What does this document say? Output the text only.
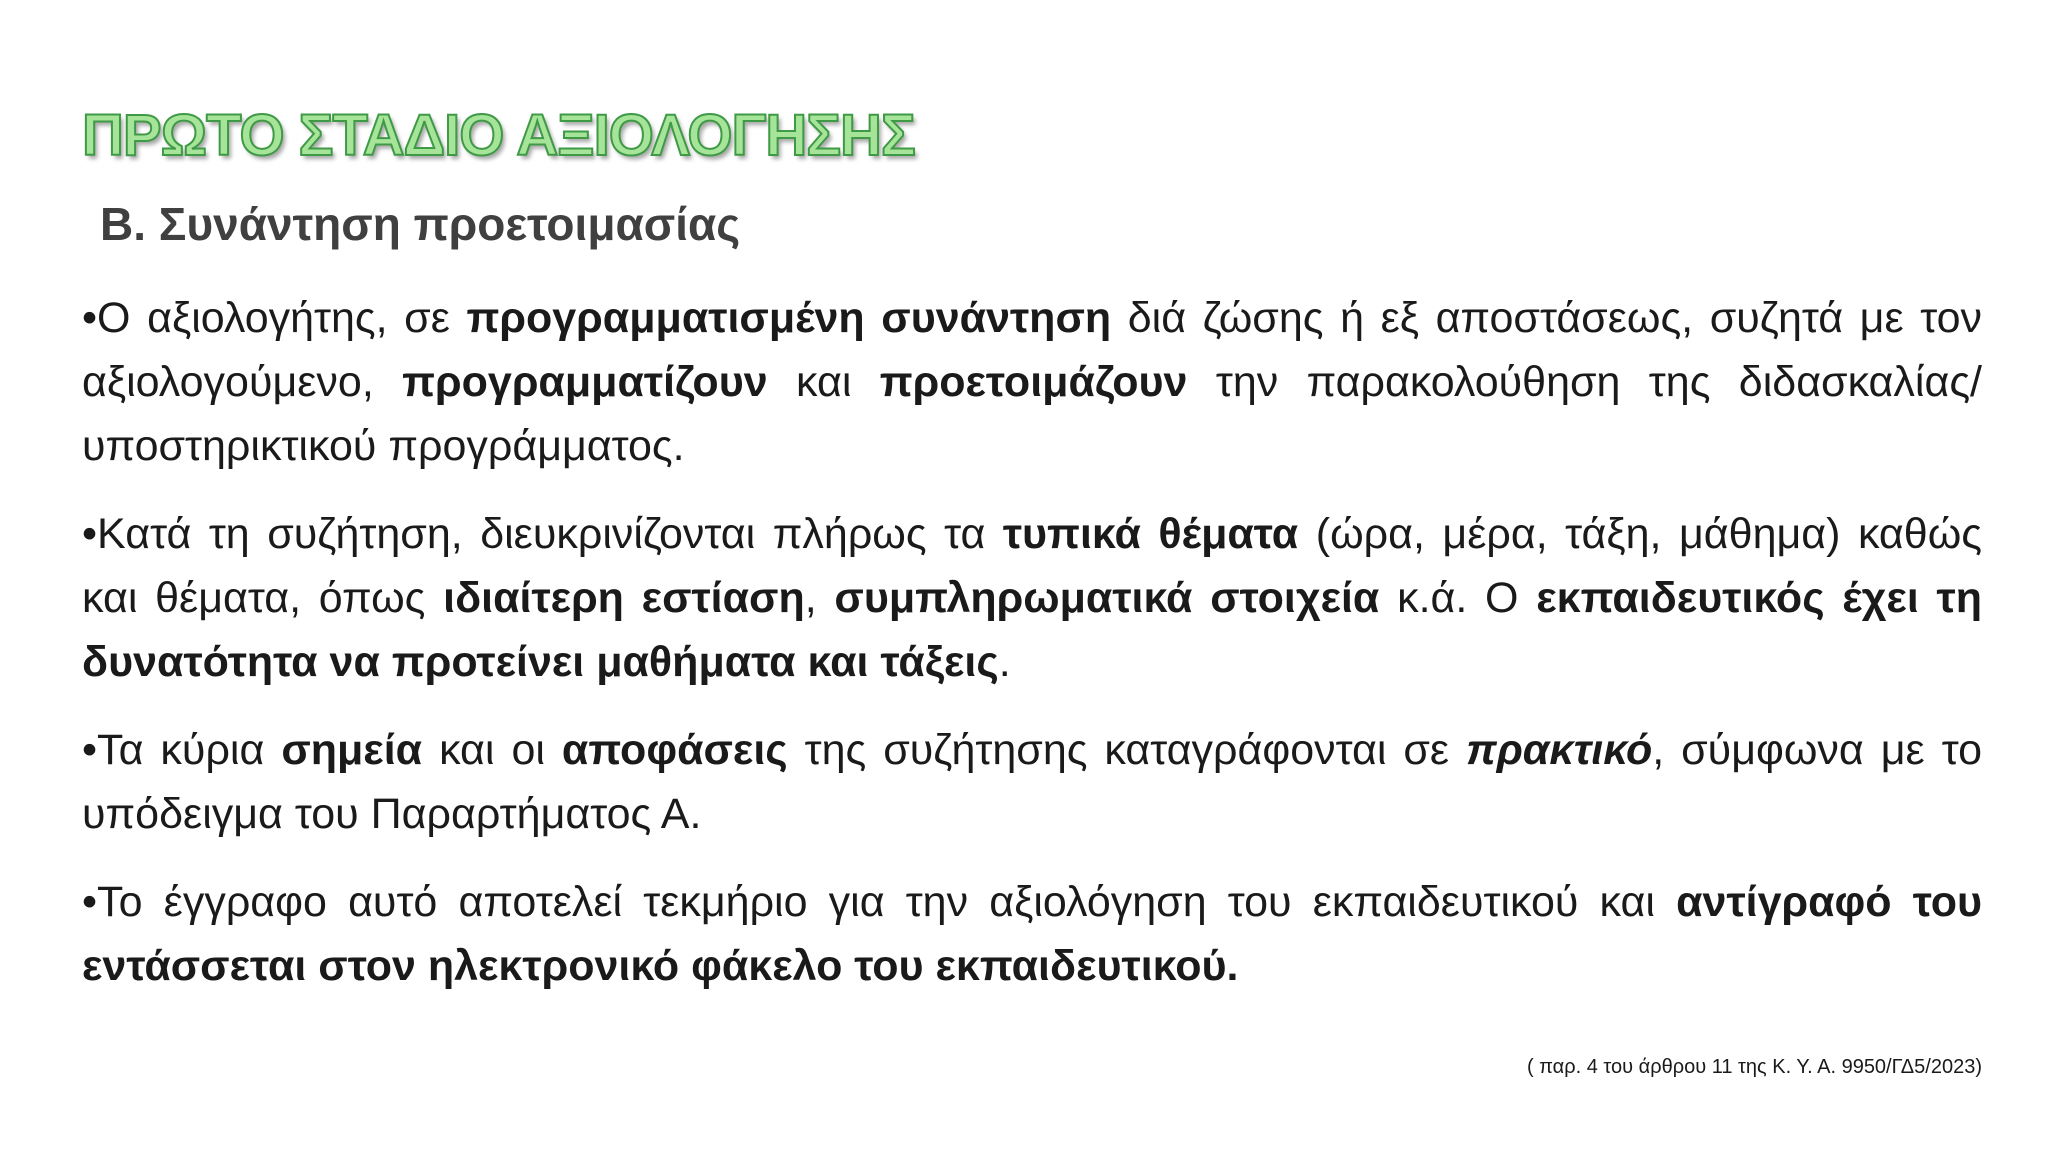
ΠΡΩΤΟ ΣΤΑΔΙΟ ΑΞΙΟΛΟΓΗΣΗΣ
B. Συνάντηση προετοιμασίας

•Ο αξιολογήτης, σε προγραμματισμένη συνάντηση διά ζώσης ή εξ αποστάσεως, συζητά με τον αξιολογούμενο, προγραμματίζουν και προετοιμάζουν την παρακολούθηση της διδασκαλίας/ υποστηρικτικού προγράμματος.

•Κατά τη συζήτηση, διευκρινίζονται πλήρως τα τυπικά θέματα (ώρα, μέρα, τάξη, μάθημα) καθώς και θέματα, όπως ιδιαίτερη εστίαση, συμπληρωματικά στοιχεία κ.ά. Ο εκπαιδευτικός έχει τη δυνατότητα να προτείνει μαθήματα και τάξεις.

•Τα κύρια σημεία και οι αποφάσεις της συζήτησης καταγράφονται σε πρακτικό, σύμφωνα με το υπόδειγμα του Παραρτήματος Α.

•Το έγγραφο αυτό αποτελεί τεκμήριο για την αξιολόγηση του εκπαιδευτικού και αντίγραφό του εντάσσεται στον ηλεκτρονικό φάκελο του εκπαιδευτικού.

( παρ. 4 του άρθρου 11 της Κ. Υ. Α. 9950/ΓΔ5/2023)
